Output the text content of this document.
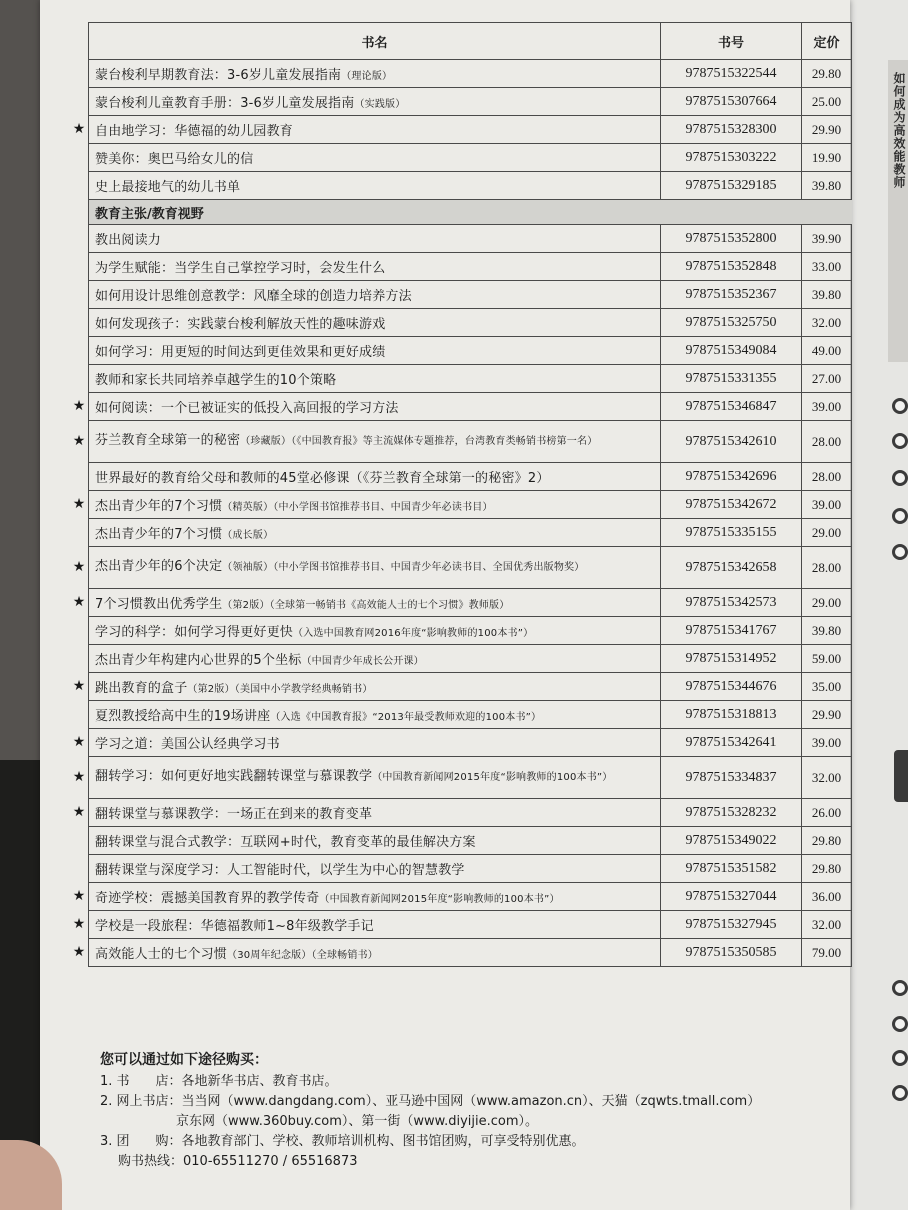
如何成为高效能教师
书名	书号	定价
蒙台梭利早期教育法：3-6岁儿童发展指南（理论版）	9787515322544	29.80
蒙台梭利儿童教育手册：3-6岁儿童发展指南（实践版）	9787515307664	25.00
自由地学习：华德福的幼儿园教育	9787515328300	29.90
赞美你：奥巴马给女儿的信	9787515303222	19.90
史上最接地气的幼儿书单	9787515329185	39.80
教育主张/教育视野		
教出阅读力	9787515352800	39.90
为学生赋能：当学生自己掌控学习时，会发生什么	9787515352848	33.00
如何用设计思维创意教学：风靡全球的创造力培养方法	9787515352367	39.80
如何发现孩子：实践蒙台梭利解放天性的趣味游戏	9787515325750	32.00
如何学习：用更短的时间达到更佳效果和更好成绩	9787515349084	49.00
教师和家长共同培养卓越学生的10个策略	9787515331355	27.00
如何阅读：一个已被证实的低投入高回报的学习方法	9787515346847	39.00
芬兰教育全球第一的秘密（珍藏版）（《中国教育报》等主流媒体专题推荐，台湾教育类畅销书榜第一名）	9787515342610	28.00
世界最好的教育给父母和教师的45堂必修课（《芬兰教育全球第一的秘密》2）	9787515342696	28.00
杰出青少年的7个习惯（精英版）（中小学图书馆推荐书目、中国青少年必读书目）	9787515342672	39.00
杰出青少年的7个习惯（成长版）	9787515335155	29.00
杰出青少年的6个决定（领袖版）（中小学图书馆推荐书目、中国青少年必读书目、全国优秀出版物奖）	9787515342658	28.00
7个习惯教出优秀学生（第2版）（全球第一畅销书《高效能人士的七个习惯》教师版）	9787515342573	29.00
学习的科学：如何学习得更好更快（入选中国教育网2016年度“影响教师的100本书”）	9787515341767	39.80
杰出青少年构建内心世界的5个坐标（中国青少年成长公开课）	9787515314952	59.00
跳出教育的盒子（第2版）（美国中小学教学经典畅销书）	9787515344676	35.00
夏烈教授给高中生的19场讲座（入选《中国教育报》“2013年最受教师欢迎的100本书”）	9787515318813	29.90
学习之道：美国公认经典学习书	9787515342641	39.00
翻转学习：如何更好地实践翻转课堂与慕课教学（中国教育新闻网2015年度“影响教师的100本书”）	9787515334837	32.00
翻转课堂与慕课教学：一场正在到来的教育变革	9787515328232	26.00
翻转课堂与混合式教学：互联网+时代，教育变革的最佳解决方案	9787515349022	29.80
翻转课堂与深度学习：人工智能时代，以学生为中心的智慧教学	9787515351582	29.80
奇迹学校：震撼美国教育界的教学传奇（中国教育新闻网2015年度“影响教师的100本书”）	9787515327044	36.00
学校是一段旅程：华德福教师1~8年级教学手记	9787515327945	32.00
高效能人士的七个习惯（30周年纪念版）（全球畅销书）	9787515350585	79.00
★
★
★
★
★
★
★
★
★
★
★
★
★
您可以通过如下途径购买：
1. 书　　店：各地新华书店、教育书店。
2. 网上书店：当当网（www.dangdang.com）、亚马逊中国网（www.amazon.cn）、天猫（zqwts.tmall.com）
京东网（www.360buy.com）、第一街（www.diyijie.com）。
3. 团　　购：各地教育部门、学校、教师培训机构、图书馆团购，可享受特别优惠。
购书热线：010-65511270 / 65516873
